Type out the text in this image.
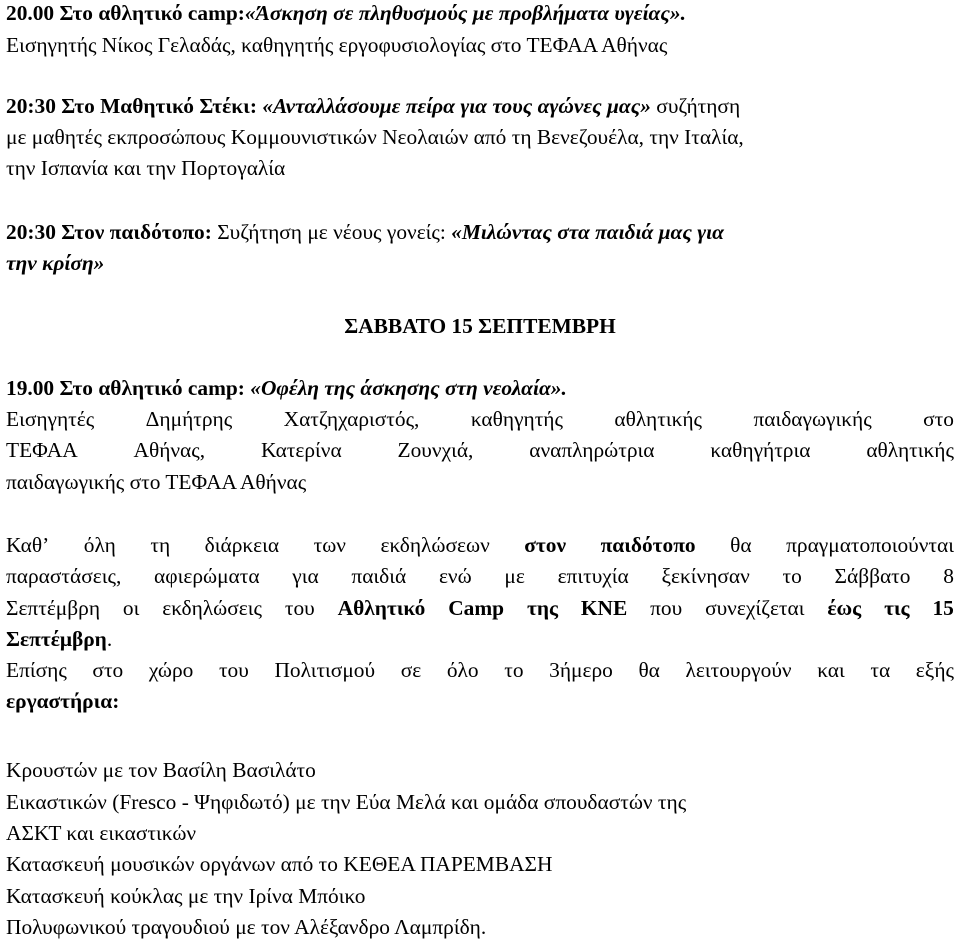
20.00 Στο αθλητικό camp:«Άσκηση σε πληθυσμούς με προβλήματα υγείας».
Εισηγητής Νίκος Γελαδάς, καθηγητής εργοφυσιολογίας στο ΤΕΦΑΑ Αθήνας
20:30 Στο Μαθητικό Στέκι: «Ανταλλάσουμε πείρα για τους αγώνες μας» συζήτηση
με μαθητές εκπροσώπους Κομμουνιστικών Νεολαιών από τη Βενεζουέλα, την Ιταλία,
την Ισπανία και την Πορτογαλία
20:30 Στον παιδότοπο: Συζήτηση με νέους γονείς: «Μιλώντας στα παιδιά μας για
την κρίση»
ΣΑΒΒΑΤΟ 15 ΣΕΠΤΕΜΒΡΗ
19.00 Στο αθλητικό camp: «Οφέλη της άσκησης στη νεολαία».
Εισηγητές Δημήτρης Χατζηχαριστός, καθηγητής αθλητικής παιδαγωγικής στο
ΤΕΦΑΑ	Αθήνας,	Κατερίνα	Ζουνχιά,	αναπληρώτρια	καθηγήτρια	αθλητικής
παιδαγωγικής στο ΤΕΦΑΑ Αθήνας
Καθ’ όλη τη διάρκεια των εκδηλώσεων στον παιδότοπο θα πραγματοποιούνται
παραστάσεις, αφιερώματα για παιδιά ενώ με επιτυχία ξεκίνησαν το Σάββατο 8
Σεπτέμβρη οι εκδηλώσεις του Αθλητικό Camp της ΚΝΕ που συνεχίζεται έως τις 15
Σεπτέμβρη.
Επίσης στο χώρο του Πολιτισμού σε όλο το 3ήμερο θα λειτουργούν και τα εξής
εργαστήρια:
Κρουστών με τον Βασίλη Βασιλάτο
Εικαστικών (Fresco - Ψηφιδωτό) με την Εύα Μελά και ομάδα σπουδαστών της
ΑΣΚΤ και εικαστικών
Κατασκευή μουσικών οργάνων από το ΚΕΘΕΑ ΠΑΡΕΜΒΑΣΗ
Κατασκευή κούκλας με την Ιρίνα Μπόικο
Πολυφωνικού τραγουδιού με τον Αλέξανδρο Λαμπρίδη.
